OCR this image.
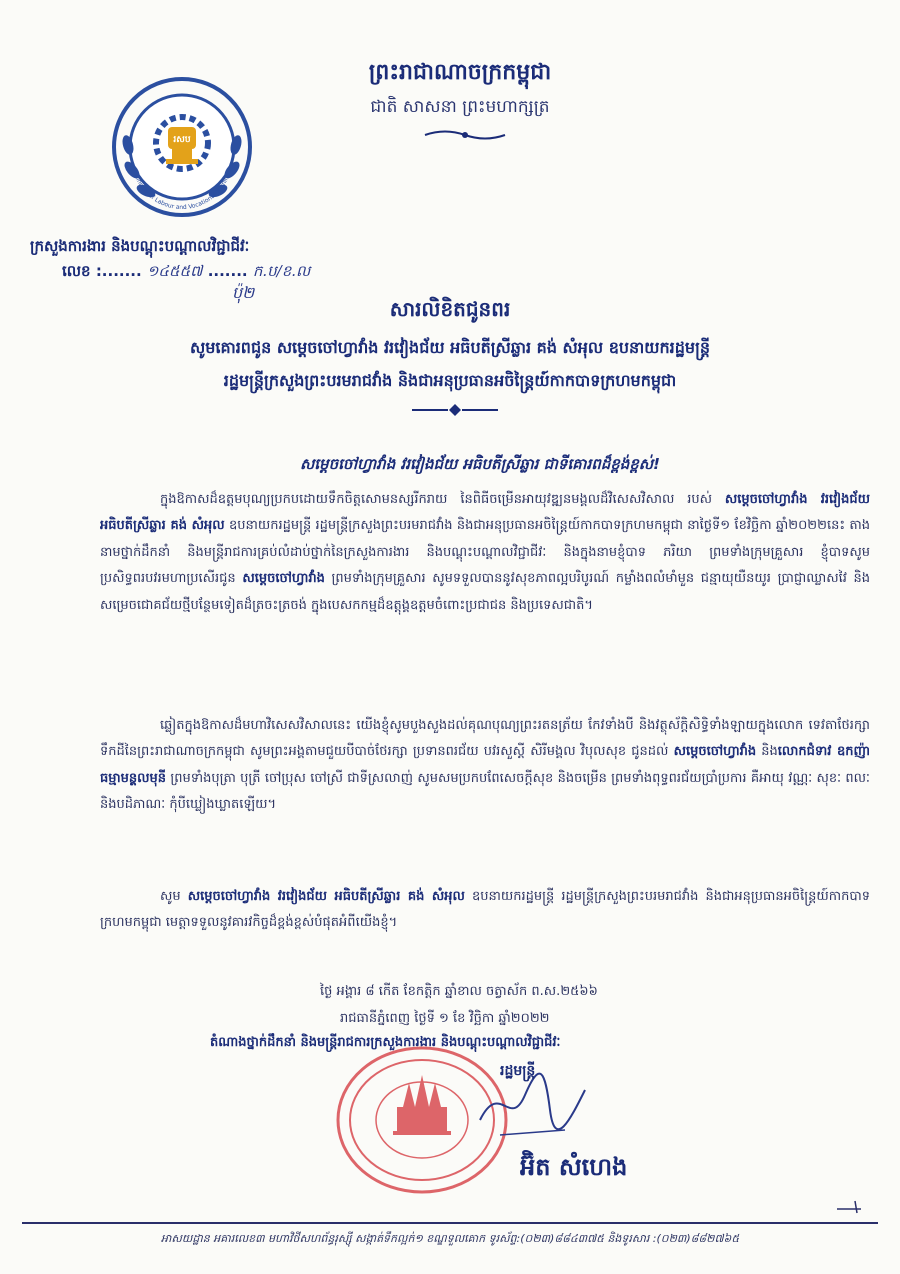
រសប
Ministry of Labour and Vocational Training
ព្រះរាជាណាចក្រកម្ពុជា
ជាតិ សាសនា ព្រះមហាក្សត្រ
ក្រសួងការងារ និងបណ្តុះបណ្តាលវិជ្ជាជីវៈ
លេខ :....... ១៤៥៥៧ ....... ក.ប/ខ.ល
ប៉ុ២
សារលិខិតជូនពរ
សូមគោរពជូន សម្តេចចៅហ្វាវាំង វរវៀងជ័យ អធិបតីស្រីឆ្លារ គង់ សំអុល ឧបនាយករដ្ឋមន្ត្រី
រដ្ឋមន្ត្រីក្រសួងព្រះបរមរាជវាំង និងជាអនុប្រធានអចិន្ត្រៃយ៍កាកបាទក្រហមកម្ពុជា
សម្តេចចៅហ្វាវាំង វរវៀងជ័យ អធិបតីស្រីឆ្លារ ជាទីគោរពដ៏ខ្ពង់ខ្ពស់!
ក្នុងឱកាសដ៏ឧត្តមបុណ្យប្រកបដោយទឹកចិត្តសោមនស្សរីករាយ នៃពិធីចម្រើនអាយុវឌ្ឍនមង្គលដ៏វិសេសវិសាល របស់ សម្តេចចៅហ្វាវាំង វរវៀងជ័យ អធិបតីស្រីឆ្លារ គង់ សំអុល ឧបនាយករដ្ឋមន្ត្រី រដ្ឋមន្ត្រីក្រសួងព្រះបរមរាជវាំង និងជាអនុប្រធានអចិន្ត្រៃយ៍កាកបាទក្រហមកម្ពុជា នាថ្ងៃទី១ ខែវិច្ឆិកា ឆ្នាំ២០២២នេះ តាងនាមថ្នាក់ដឹកនាំ និងមន្ត្រីរាជការគ្រប់លំដាប់ថ្នាក់នៃក្រសួងការងារ និងបណ្តុះបណ្តាលវិជ្ជាជីវៈ និងក្នុងនាមខ្ញុំបាទ ភរិយា ព្រមទាំងក្រុមគ្រួសារ ខ្ញុំបាទសូមប្រសិទ្ធពរបវរមហាប្រសើរជូន សម្តេចចៅហ្វាវាំង ព្រមទាំងក្រុមគ្រួសារ សូមទទួលបាននូវសុខភាពល្អបរិបូរណ៍ កម្លាំងពលំមាំមួន ជន្មាយុយឺនយូរ ប្រាជ្ញាឈ្លាសវៃ និងសម្រេចជោគជ័យថ្មីបន្ថែមទៀតដ៏ត្រចះត្រចង់ ក្នុងបេសកកម្មដ៏ឧត្តុង្គឧត្តមចំពោះប្រជាជន និងប្រទេសជាតិ។
ឆ្លៀតក្នុងឱកាសដ៏មហាវិសេសវិសាលនេះ យើងខ្ញុំសូមបួងសួងដល់គុណបុណ្យព្រះរតនត្រ័យ កែវទាំងបី និងវត្ថុស័ក្តិសិទ្ធិទាំងឡាយក្នុងលោក ទេវតាថែរក្សាទឹកដីនៃព្រះរាជាណាចក្រកម្ពុជា សូមព្រះអង្គតាមជួយបីបាច់ថែរក្សា ប្រទានពរជ័យ បវរសួស្តី សិរីមង្គល វិបុលសុខ ជូនដល់ សម្តេចចៅហ្វាវាំង និងលោកជំទាវ ឧកញ៉ាធម្មាមន្ត្ថលមុនី ព្រមទាំងបុត្រា បុត្រី ចៅប្រុស ចៅស្រី ជាទីស្រលាញ់ សូមសមប្រកបពែសេចក្តីសុខ និងចម្រើន ព្រមទាំងពុទ្ធពរជ័យប្រាំប្រការ គឺអាយុ វណ្ណៈ សុខៈ ពលៈ និងបដិភាណៈ កុំបីឃ្លៀងឃ្លាតឡើយ។
សូម សម្តេចចៅហ្វាវាំង វរវៀងជ័យ អធិបតីស្រីឆ្លារ គង់ សំអុល ឧបនាយករដ្ឋមន្ត្រី រដ្ឋមន្ត្រីក្រសួងព្រះបរមរាជវាំង និងជាអនុប្រធានអចិន្ត្រៃយ៍កាកបាទក្រហមកម្ពុជា មេត្តាទទួលនូវគារវកិច្ចដ៏ខ្ពង់ខ្ពស់បំផុតអំពីយើងខ្ញុំ។
ថ្ងៃ អង្គារ ៨ កើត ខែកត្តិក ឆ្នាំខាល ចត្វាស័ក ព.ស.២៥៦៦
រាជធានីភ្នំពេញ ថ្ងៃទី ១ ខែ វិច្ឆិកា ឆ្នាំ២០២២
តំណាងថ្នាក់ដឹកនាំ និងមន្ត្រីរាជការក្រសួងការងារ និងបណ្តុះបណ្តាលវិជ្ជាជីវៈ
រដ្ឋមន្ត្រី
អ៊ិត សំហេង
អាសយដ្ឋាន អគារលេខ៣ មហាវិថីសហព័ន្ធរុស្ស៊ី សង្កាត់ទឹកល្អក់១ ខណ្ឌទួលគោក ទូរស័ព្ទ:(០២៣)៨៨៤៣៧៥ និងទូរសារ :(០២៣)៨៨២៧៦៥
